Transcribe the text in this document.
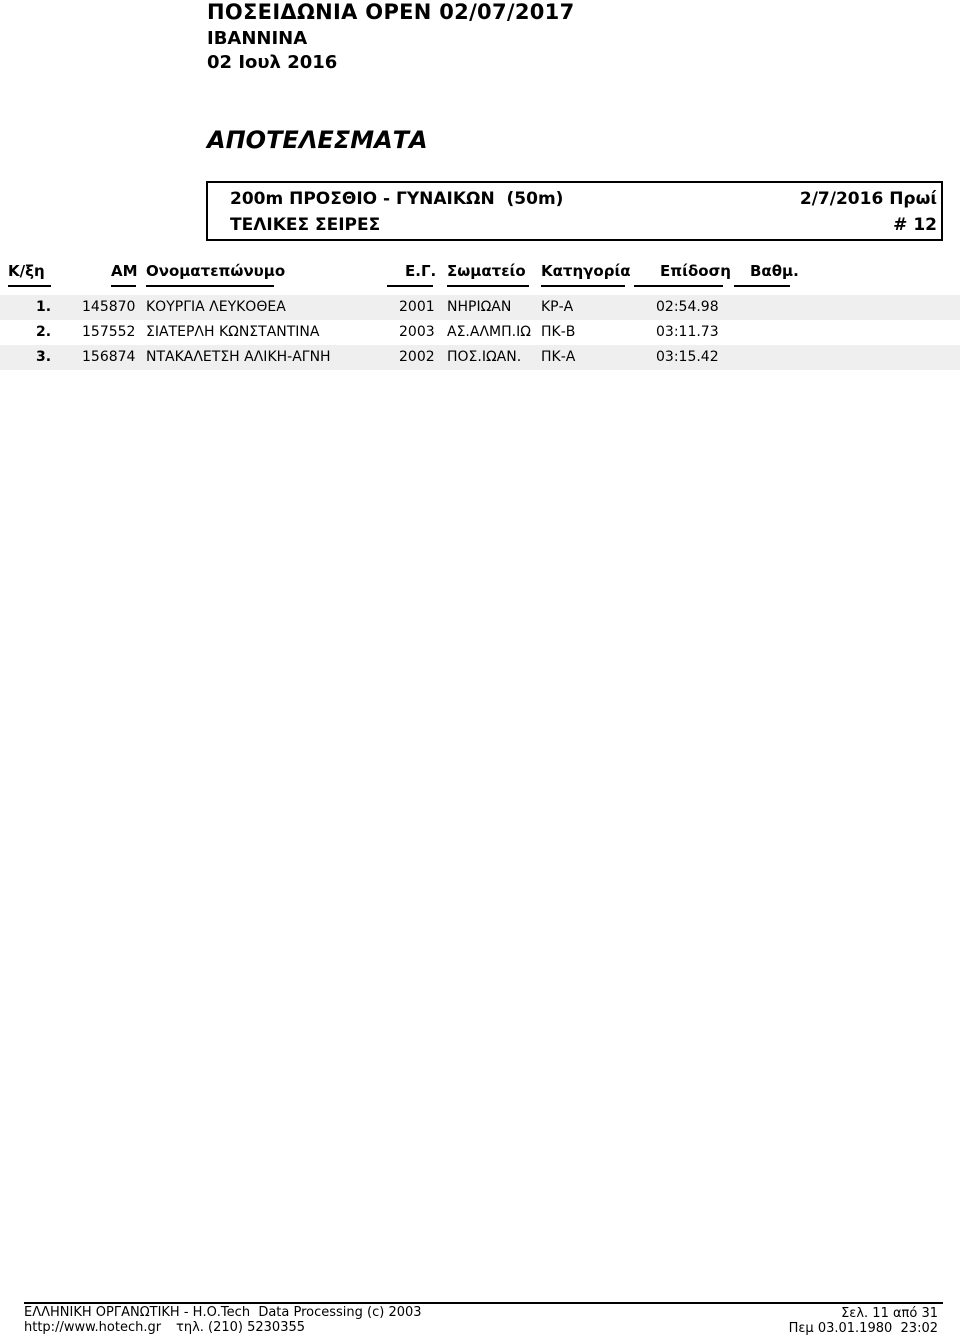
ΠΟΣΕΙΔΩΝΙΑ OPEN 02/07/2017
ΙΒΑΝΝΙΝΑ
02 Ιουλ 2016
ΑΠΟΤΕΛΕΣΜΑΤΑ
200m ΠΡΟΣΘΙΟ - ΓΥΝΑΙΚΩΝ  (50m)
ΤΕΛΙΚΕΣ ΣΕΙΡΕΣ
2/7/2016 Πρωί
# 12
Κ/ξη	ΑΜ Ονοματεπώνυμο	Ε.Γ. Σωματείο Κατηγορία Επίδοση Βαθμ.
1. 145870 ΚΟΥΡΓΙΑ ΛΕΥΚΟΘΕΑ	2001 ΝΗΡΙΩΑΝ ΚΡ-Α	02:54.98
2. 157552 ΣΙΑΤΕΡΛΗ ΚΩΝΣΤΑΝΤΙΝΑ	2003 ΑΣ.ΑΛΜΠ.ΙΩ ΠΚ-Β	03:11.73
3. 156874 ΝΤΑΚΑΛΕΤΣΗ ΑΛΙΚΗ-ΑΓΝΗ	2002 ΠΟΣ.ΙΩΑΝ. ΠΚ-Α	03:15.42
ΕΛΛΗΝΙΚΗ ΟΡΓΑΝΩΤΙΚΗ - Η.Ο.Tech  Data Processing (c) 2003
http://www.hotech.gr τηλ. (210) 5230355
Σελ. 11 από 31
Πεμ 03.01.1980  23:02
